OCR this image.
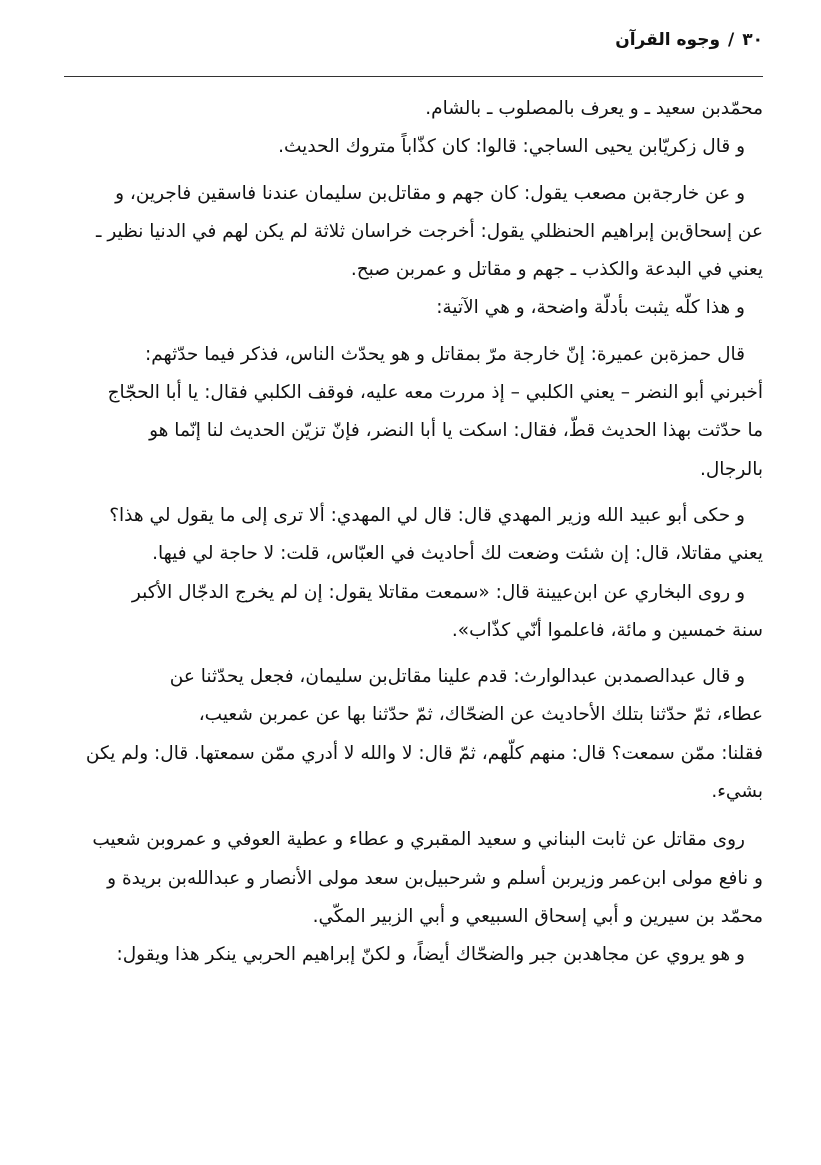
٣٠/وجوه القرآن
محمّدبن سعيد ـ و يعرف بالمصلوب ـ بالشام.
و قال زكريّابن يحيى الساجي: قالوا: كان كذّاباً متروك الحديث.
و عن خارجةبن مصعب يقول: كان جهم و مقاتل‌بن سليمان عندنا فاسقين فاجرين، و
عن إسحاق‌بن إبراهيم الحنظلي يقول: أخرجت خراسان ثلاثة لم يكن لهم في الدنيا نظير ـ
يعني في البدعة والكذب ـ جهم و مقاتل و عمربن صبح.
و هذا كلّه يثبت بأدلّة واضحة، و هي الآتية:
قال حمزةبن عميرة: إنّ خارجة مرّ بمقاتل و هو يحدّث الناس، فذكر فيما حدّثهم:
أخبرني أبو النضر – يعني الكلبي – إذ مررت معه عليه، فوقف الكلبي فقال: يا أبا الحجّاج
ما حدّثت بهذا الحديث قطّ، فقال: اسكت يا أبا النضر، فإنّ تزيّن الحديث لنا إنّما هو
بالرجال.
و حكى أبو عبيد الله وزير المهدي قال: قال لي المهدي: ألا ترى إلى ما يقول لي هذا؟
يعني مقاتلا، قال: إن شئت وضعت لك أحاديث في العبّاس، قلت: لا حاجة لي فيها.
و روى البخاري عن ابن‌عيينة قال: «سمعت مقاتلا يقول: إن لم يخرج الدجّال الأكبر
سنة خمسين و مائة، فاعلموا أنّي كذّاب».
و قال عبدالصمدبن عبدالوارث: قدم علينا مقاتل‌بن سليمان، فجعل يحدّثنا عن
عطاء، ثمّ حدّثنا بتلك الأحاديث عن الضحّاك، ثمّ حدّثنا بها عن عمربن شعيب،
فقلنا: ممّن سمعت؟ قال: منهم كلّهم، ثمّ قال: لا والله لا أدري ممّن سمعتها. قال: ولم يكن
بشيء.
روى مقاتل عن ثابت البناني و سعيد المقبري و عطاء و عطية العوفي و عمروبن شعيب
و نافع مولى ابن‌عمر وزيربن أسلم و شرحبيل‌بن سعد مولى الأنصار و عبدالله‌بن بريدة و
محمّد بن سيرين و أبي إسحاق السبيعي و أبي الزبير المكّي.
و هو يروي عن مجاهدبن جبر والضحّاك أيضاً، و لكنّ إبراهيم الحربي ينكر هذا ويقول:
